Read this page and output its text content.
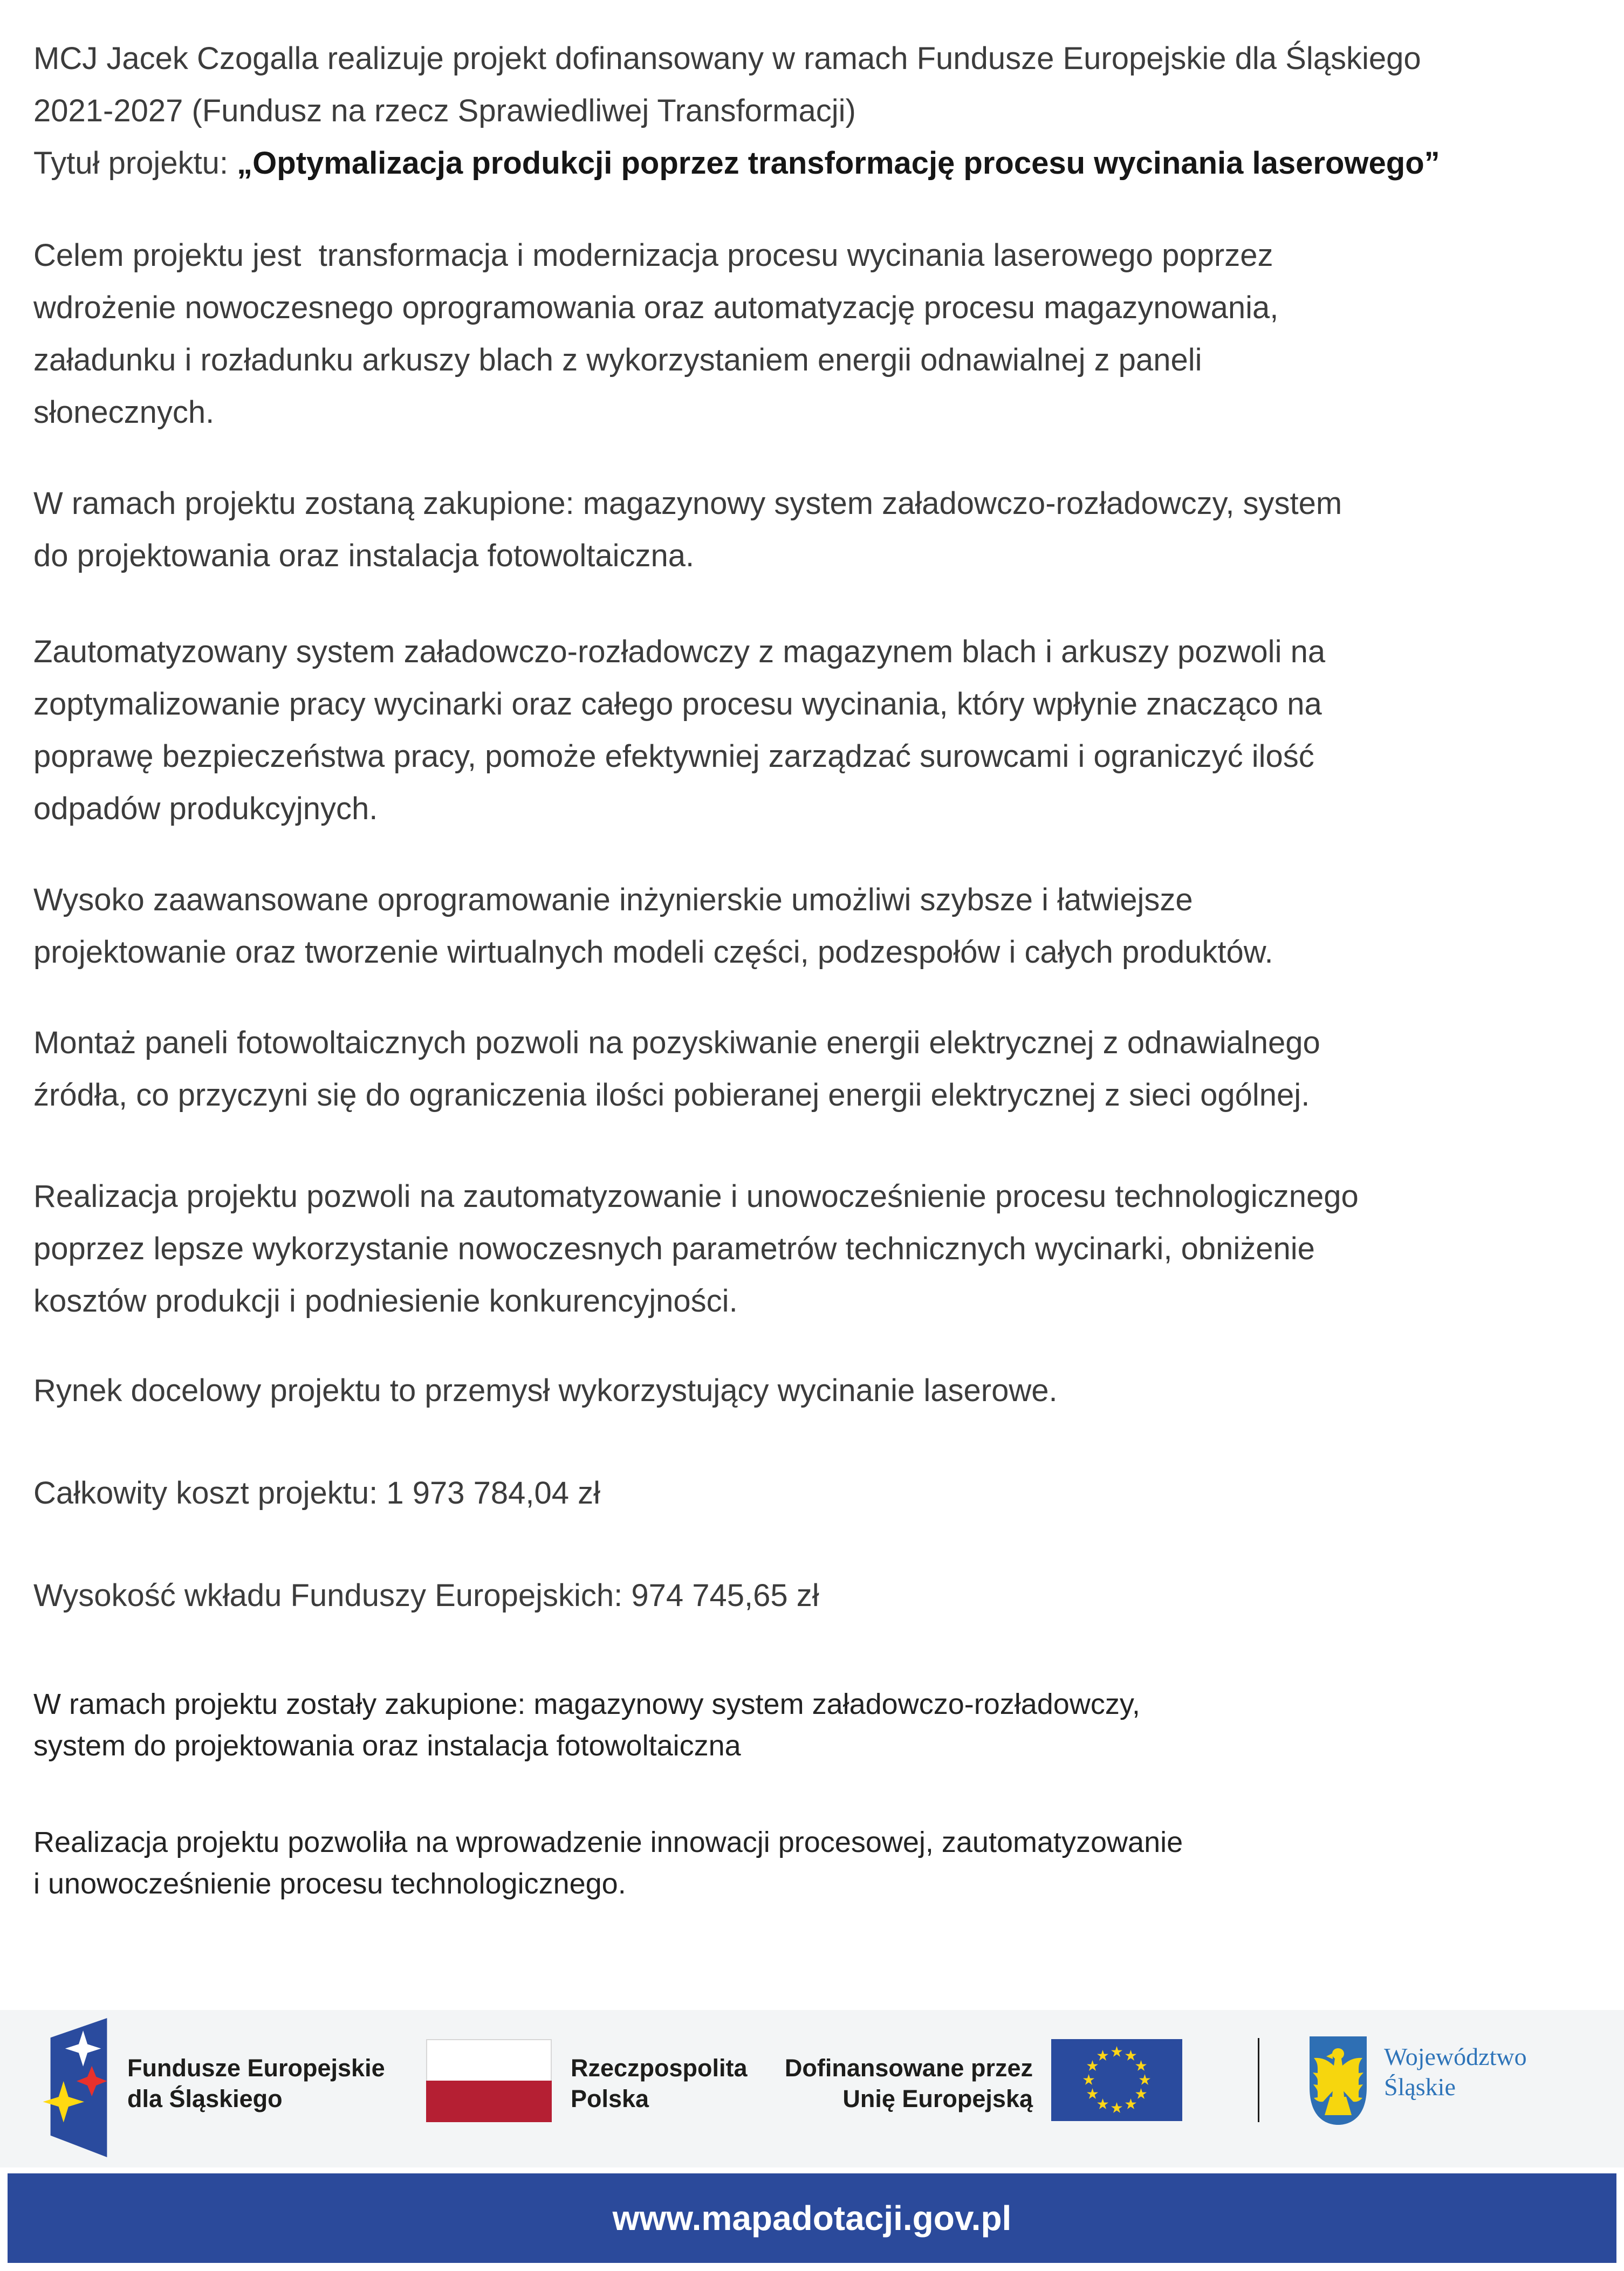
MCJ Jacek Czogalla realizuje projekt dofinansowany w ramach Fundusze Europejskie dla Śląskiego
2021-2027 (Fundusz na rzecz Sprawiedliwej Transformacji)
Tytuł projektu: „Optymalizacja produkcji poprzez transformację procesu wycinania laserowego”
Celem projektu jest  transformacja i modernizacja procesu wycinania laserowego poprzez
wdrożenie nowoczesnego oprogramowania oraz automatyzację procesu magazynowania,
załadunku i rozładunku arkuszy blach z wykorzystaniem energii odnawialnej z paneli
słonecznych.
W ramach projektu zostaną zakupione: magazynowy system załadowczo-rozładowczy, system
do projektowania oraz instalacja fotowoltaiczna.
Zautomatyzowany system załadowczo-rozładowczy z magazynem blach i arkuszy pozwoli na
zoptymalizowanie pracy wycinarki oraz całego procesu wycinania, który wpłynie znacząco na
poprawę bezpieczeństwa pracy, pomoże efektywniej zarządzać surowcami i ograniczyć ilość
odpadów produkcyjnych.
Wysoko zaawansowane oprogramowanie inżynierskie umożliwi szybsze i łatwiejsze
projektowanie oraz tworzenie wirtualnych modeli części, podzespołów i całych produktów.
Montaż paneli fotowoltaicznych pozwoli na pozyskiwanie energii elektrycznej z odnawialnego
źródła, co przyczyni się do ograniczenia ilości pobieranej energii elektrycznej z sieci ogólnej.
Realizacja projektu pozwoli na zautomatyzowanie i unowocześnienie procesu technologicznego
poprzez lepsze wykorzystanie nowoczesnych parametrów technicznych wycinarki, obniżenie
kosztów produkcji i podniesienie konkurencyjności.
Rynek docelowy projektu to przemysł wykorzystujący wycinanie laserowe.
Całkowity koszt projektu: 1 973 784,04 zł
Wysokość wkładu Funduszy Europejskich: 974 745,65 zł
W ramach projektu zostały zakupione: magazynowy system załadowczo-rozładowczy,
system do projektowania oraz instalacja fotowoltaiczna
Realizacja projektu pozwoliła na wprowadzenie innowacji procesowej, zautomatyzowanie
i unowocześnienie procesu technologicznego.
Fundusze Europejskie
dla Śląskiego
Rzeczpospolita
Polska
Dofinansowane przez
Unię Europejską
Województwo
Śląskie
www.mapadotacji.gov.pl
